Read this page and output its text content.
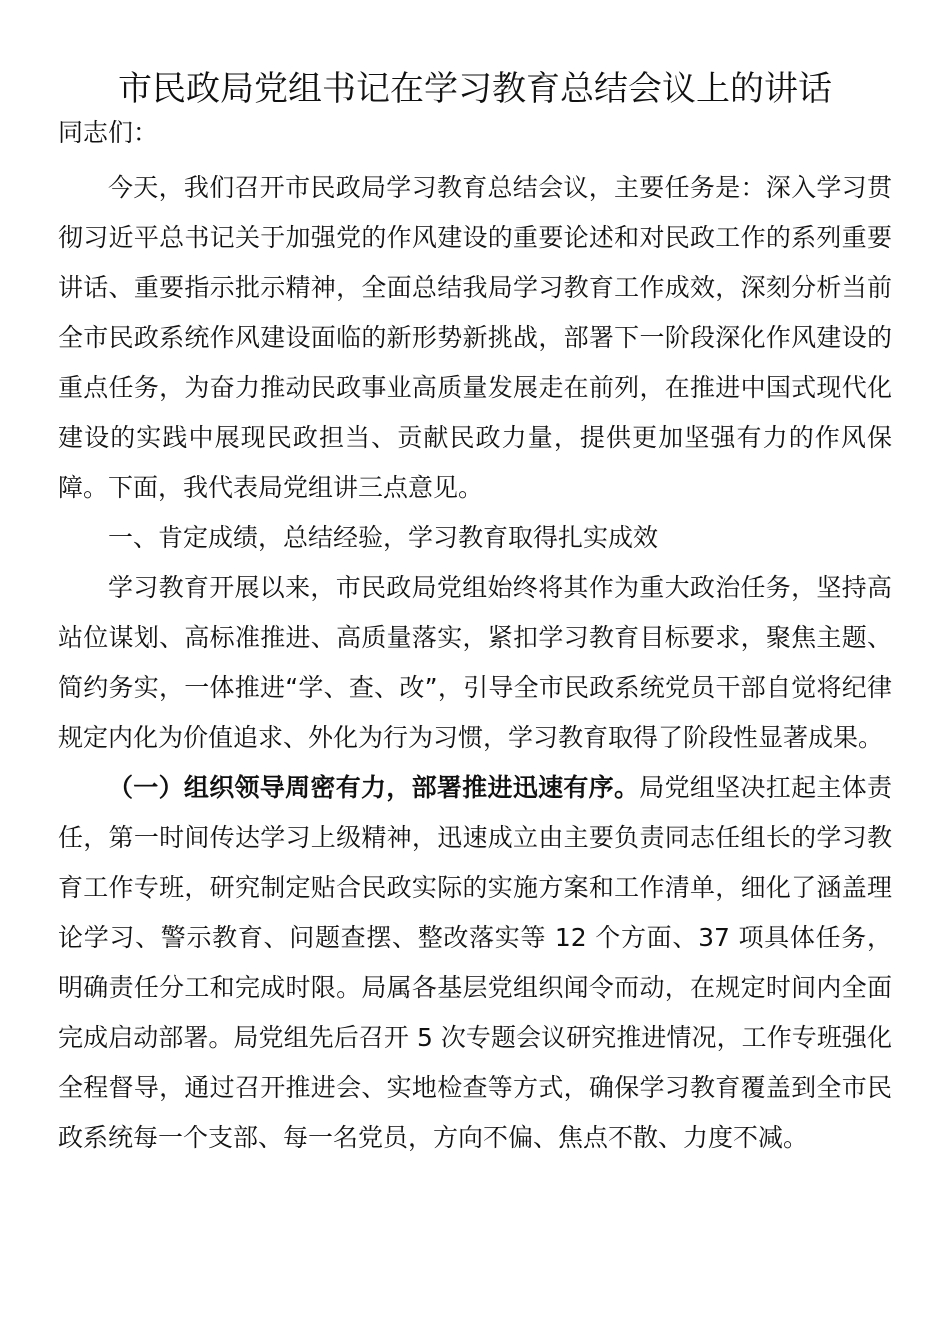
市民政局党组书记在学习教育总结会议上的讲话

同志们：

今天，我们召开市民政局学习教育总结会议，主要任务是：深入学习贯彻习近平总书记关于加强党的作风建设的重要论述和对民政工作的系列重要讲话、重要指示批示精神，全面总结我局学习教育工作成效，深刻分析当前全市民政系统作风建设面临的新形势新挑战，部署下一阶段深化作风建设的重点任务，为奋力推动民政事业高质量发展走在前列，在推进中国式现代化建设的实践中展现民政担当、贡献民政力量，提供更加坚强有力的作风保障。下面，我代表局党组讲三点意见。

一、肯定成绩，总结经验，学习教育取得扎实成效

学习教育开展以来，市民政局党组始终将其作为重大政治任务，坚持高站位谋划、高标准推进、高质量落实，紧扣学习教育目标要求，聚焦主题、简约务实，一体推进“学、查、改”，引导全市民政系统党员干部自觉将纪律规定内化为价值追求、外化为行为习惯，学习教育取得了阶段性显著成果。

（一）组织领导周密有力，部署推进迅速有序。局党组坚决扛起主体责任，第一时间传达学习上级精神，迅速成立由主要负责同志任组长的学习教育工作专班，研究制定贴合民政实际的实施方案和工作清单，细化了涵盖理论学习、警示教育、问题查摆、整改落实等 12 个方面、37 项具体任务，明确责任分工和完成时限。局属各基层党组织闻令而动，在规定时间内全面完成启动部署。局党组先后召开 5 次专题会议研究推进情况，工作专班强化全程督导，通过召开推进会、实地检查等方式，确保学习教育覆盖到全市民政系统每一个支部、每一名党员，方向不偏、焦点不散、力度不减。
